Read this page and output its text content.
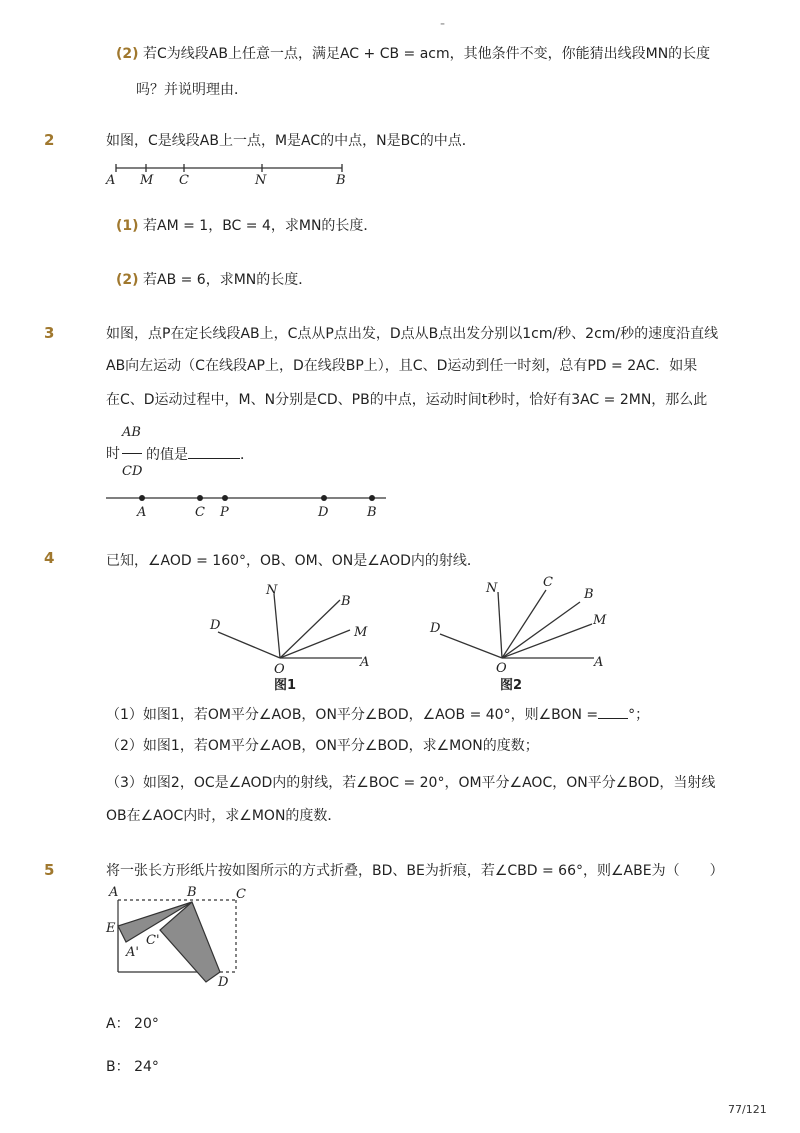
-
(2) 若C为线段AB上任意一点，满足AC + CB = acm，其他条件不变，你能猜出线段MN的长度
吗？并说明理由．
2	如图，C是线段AB上一点，M是AC的中点，N是BC的中点．
A M C	N	B
(1) 若AM = 1，BC = 4，求MN的长度．
(2) 若AB = 6，求MN的长度．
3	如图，点P在定长线段AB上，C点从P点出发，D点从B点出发分别以1cm/秒、2cm/秒的速度沿直线
AB向左运动（C在线段AP上，D在线段BP上），且C、D运动到任一时刻，总有PD = 2AC．如果
在C、D运动过程中，M、N分别是CD、PB的中点，运动时间t秒时，恰好有3AC = 2MN，那么此
AB
CD
时 的值是	．
A	C P	D	B
4	已知，∠AOD = 160°，OB、OM、ON是∠AOD内的射线．
N
B
M
D
O	A
图1
N	C
B
M
D
O	A
图2
（1）如图1，若OM平分∠AOB，ON平分∠BOD，∠AOB = 40°，则∠BON = °；
（2）如图1，若OM平分∠AOB，ON平分∠BOD，求∠MON的度数；
（3）如图2，OC是∠AOD内的射线，若∠BOC = 20°，OM平分∠AOC，ON平分∠BOD，当射线
OB在∠AOC内时，求∠MON的度数．
5	将一张长方形纸片按如图所示的方式折叠，BD、BE为折痕，若∠CBD = 66°，则∠ABE为（ ）
A	B	C
E
C'
A'
D
A： 20°
B： 24°
77/121
